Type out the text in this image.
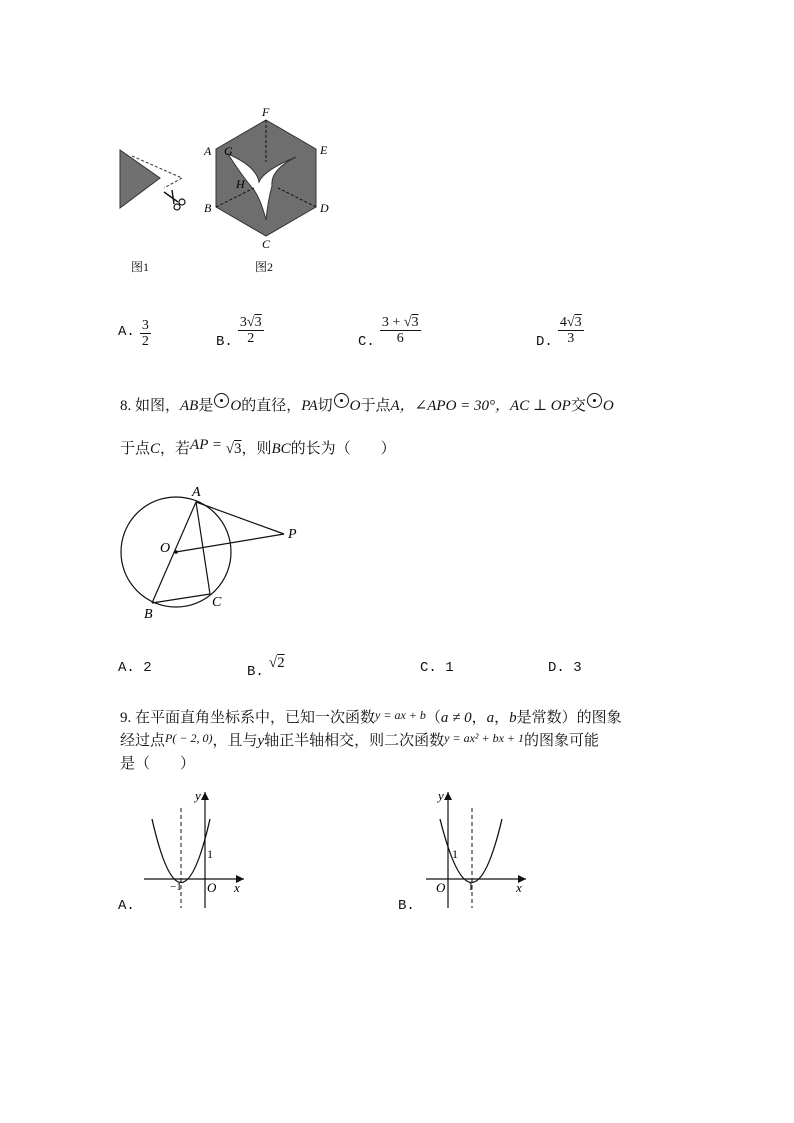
图1
F
A G	E
H
B	D
C
图2
A. $\frac{3}{2}$	B. $\frac{3√3}{2}$	C. $\frac{3 + √3}{6}$	D. $\frac{4√3}{3}$
8. 如图，AB是 O的直径，PA切 O于点A，∠APO = 30°，AC ⊥ OP交 O
于点C，若AP = √3，则BC的长为（　　）
A
O
P
B
C
A. 2	B. √2	C. 1	D. 3
9. 在平面直角坐标系中，已知一次函数$^{y = ax + b}$（a ≠ 0，a，b是常数）的图象
经过点$^{P( - 2, 0)}$，且与y轴正半轴相交，则二次函数$^{y = ax^2 + bx + 1}$的图象可能
是（　　）
y
x
O
1
−1
A.
y
x
O
1
1
B.
